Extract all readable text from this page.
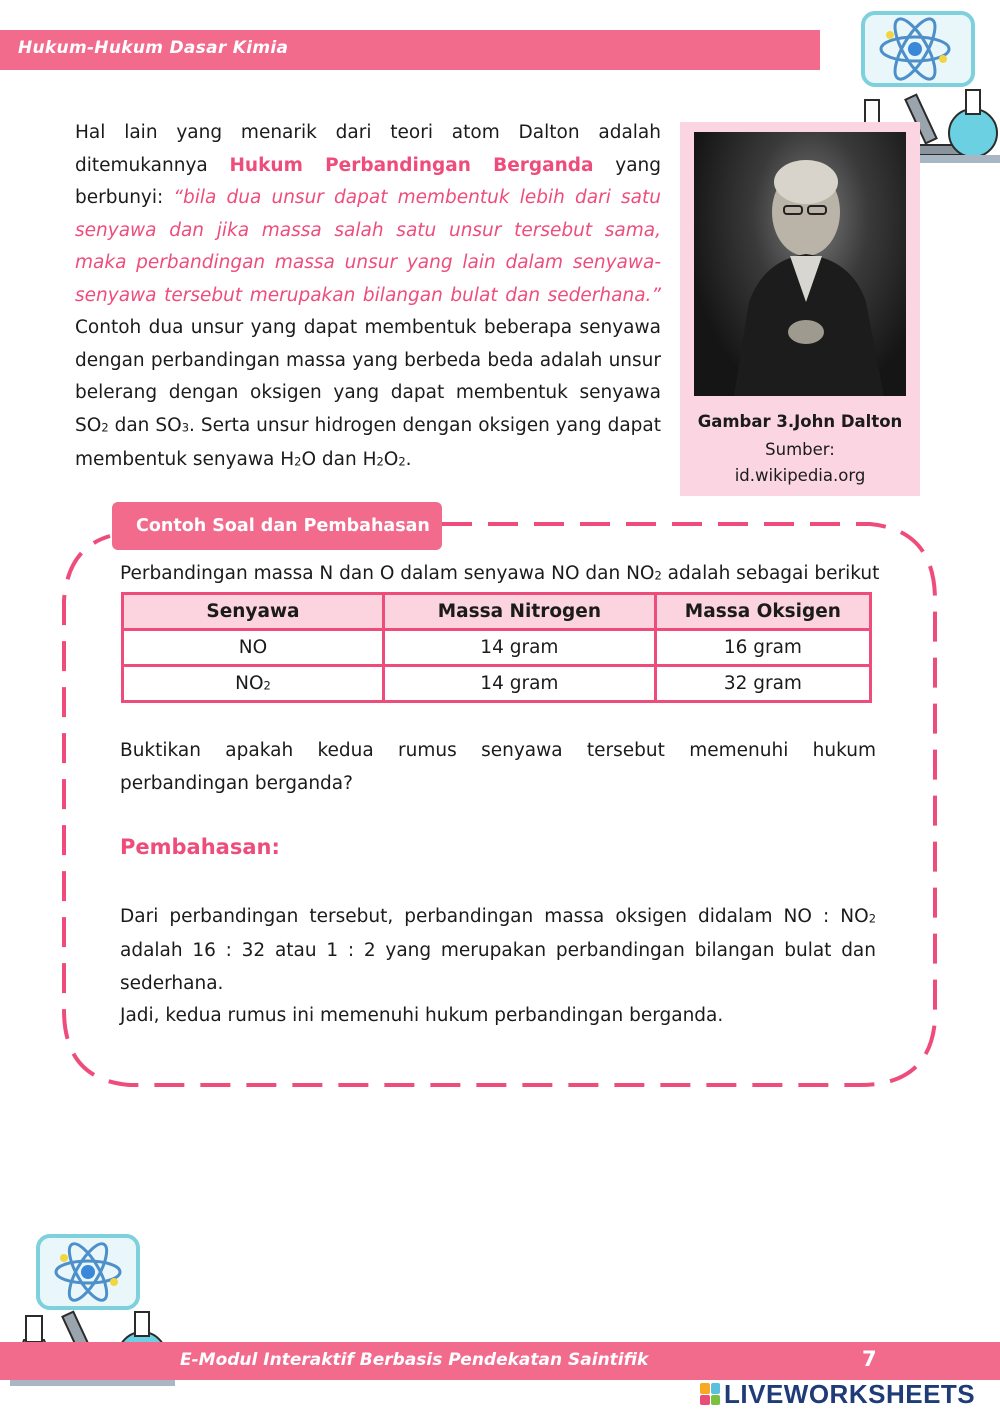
Hukum-Hukum Dasar Kimia
Hal lain yang menarik dari teori atom Dalton adalah ditemukannya Hukum Perbandingan Berganda yang berbunyi: “bila dua unsur dapat membentuk lebih dari satu senyawa dan jika massa salah satu unsur tersebut sama, maka perbandingan massa unsur yang lain dalam senyawa-senyawa tersebut merupakan bilangan bulat dan sederhana.” Contoh dua unsur yang dapat membentuk beberapa senyawa dengan perbandingan massa yang berbeda beda adalah unsur belerang dengan oksigen yang dapat membentuk senyawa $SO_2$ dan $SO_3$. Serta unsur hidrogen dengan oksigen yang dapat membentuk senyawa $H_2O$ dan $H_2O_2$.
Gambar 3.John Dalton
Sumber:
id.wikipedia.org
Contoh Soal dan Pembahasan
Perbandingan massa N dan O dalam senyawa NO dan $NO_2$ adalah sebagai berikut
Senyawa	Massa Nitrogen	Massa Oksigen
NO	14 gram	16 gram
$NO_2$	14 gram	32 gram
Buktikan apakah kedua rumus senyawa tersebut memenuhi hukum perbandingan berganda?
Pembahasan:
Dari perbandingan tersebut, perbandingan massa oksigen didalam NO : $NO_2$ adalah 16 : 32 atau 1 : 2 yang merupakan perbandingan bilangan bulat dan sederhana.
Jadi, kedua rumus ini memenuhi hukum perbandingan berganda.
E-Modul Interaktif Berbasis Pendekatan Saintifik	7
LIVEWORKSHEETS
